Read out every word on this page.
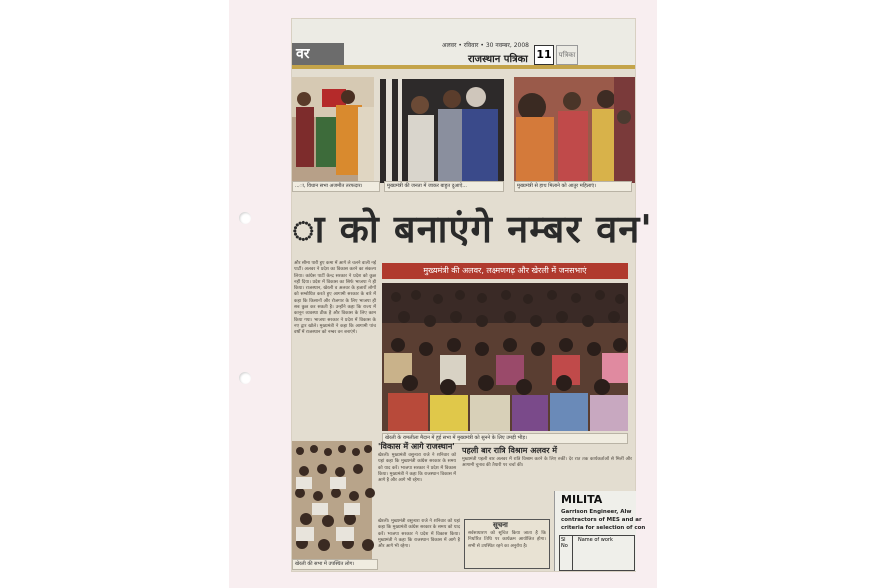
वर
अलवर • रविवार • 30 नवम्बर, 2008
राजस्थान पत्रिका 11 पत्रिका
...ा, विधान सभा अजमीत तरफदार।	मुख्यमंत्री की जनता में जाकर बाहुत दुआऐ...	मुख्यमंत्री से हाथ मिलाने को आतुर महिलाएं।
ा को बनाएंगे नम्बर वन'
मुख्यमंत्री की अलवर, लक्ष्मणगढ़ और खेरली में जनसभाएं
और सीमा पारी हुए कमा में आगे ले चलने वाली नई पार्टी। अलवर ने प्रदेश का विकास करने का संकल्प लिया। कांग्रेस पार्टी केन्द्र सरकार ने प्रदेश को कुछ नहीं दिया। प्रदेश में विकास का सिर्फ भाजपा ने ही किया। राजस्थान, खेरली व अलवर के हजारों लोगों को सम्बोधित करते हुए आगामी सरकार के बारे में कहा कि किसानों और रोजगार के लिए भाजपा ही सब कुछ कर सकती है। उन्होंने कहा कि राज्य में कानून व्यवस्था ठीक है और विकास के लिए काम किया गया। भाजपा सरकार ने प्रदेश में विकास के नए द्वार खोले। मुख्यमंत्री ने कहा कि आगामी पांच वर्षों में राजस्थान को नम्बर वन बनाएंगे।
खेरली के रामलीला मैदान में हुई सभा में मुख्यमंत्री को सुनने के लिए उमड़ी भीड़।
खेरली की सभा में उपस्थित लोग।
'विकास में आगे राजस्थान'
खेरली। मुख्यमंत्री वसुन्धरा राजे ने शनिवार को यहां कहा कि मुख्यमंत्री कांग्रेस सरकार के समय को याद करें। भाजपा सरकार ने प्रदेश में विकास किया। मुख्यमंत्री ने कहा कि राजस्थान विकास में आगे है और आगे भी रहेगा।
पहली बार रात्रि विश्राम अलवर में
मुख्यमंत्री पहली बार अलवर में रात्रि विश्राम करने के लिए रुकीं। देर रात तक कार्यकर्ताओं से मिलीं और आगामी चुनाव की तैयारी पर चर्चा की।
सूचना
सर्वसाधारण को सूचित किया जाता है कि निर्धारित तिथि पर कार्यक्रम आयोजित होगा। सभी से उपस्थित रहने का अनुरोध है।
खेरली। मुख्यमंत्री वसुन्धरा राजे ने शनिवार को यहां कहा कि मुख्यमंत्री कांग्रेस सरकार के समय को याद करें। भाजपा सरकार ने प्रदेश में विकास किया। मुख्यमंत्री ने कहा कि राजस्थान विकास में आगे है और आगे भी रहेगा।
MILITA
Garrison Engineer, Alw
contractors of MES and ar
criteria for selection of con
Sl No
Name of work
